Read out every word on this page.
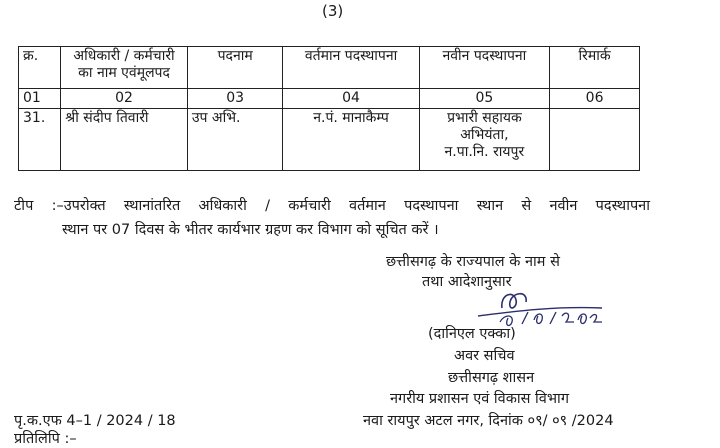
(3)
क्र.	अधिकारी / कर्मचारी का नाम एवंमूलपद	पदनाम	वर्तमान पदस्थापना	नवीन पदस्थापना	रिमार्क
01	02	03	04	05	06
31.	श्री संदीप तिवारी	उप अभि.	न.पं. मानाकैम्प	प्रभारी सहायक
अभियंता,
न.पा.नि. रायपुर	

टीप :–उपरोक्त स्थानांतरित अधिकारी / कर्मचारी वर्तमान पदस्थापना स्थान से नवीन पदस्थापना
स्थान पर 07 दिवस के भीतर कार्यभार ग्रहण कर विभाग को सूचित करें ।
छत्तीसगढ़ के राज्यपाल के नाम से
तथा आदेशानुसार
(दानिएल एक्का)
अवर सचिव
छत्तीसगढ़ शासन
नगरीय प्रशासन एवं विकास विभाग
पृ.क.एफ 4–1 / 2024 / 18
प्रतिलिपि :–
नवा रायपुर अटल नगर, दिनांक ०९/ ०९ /2024
